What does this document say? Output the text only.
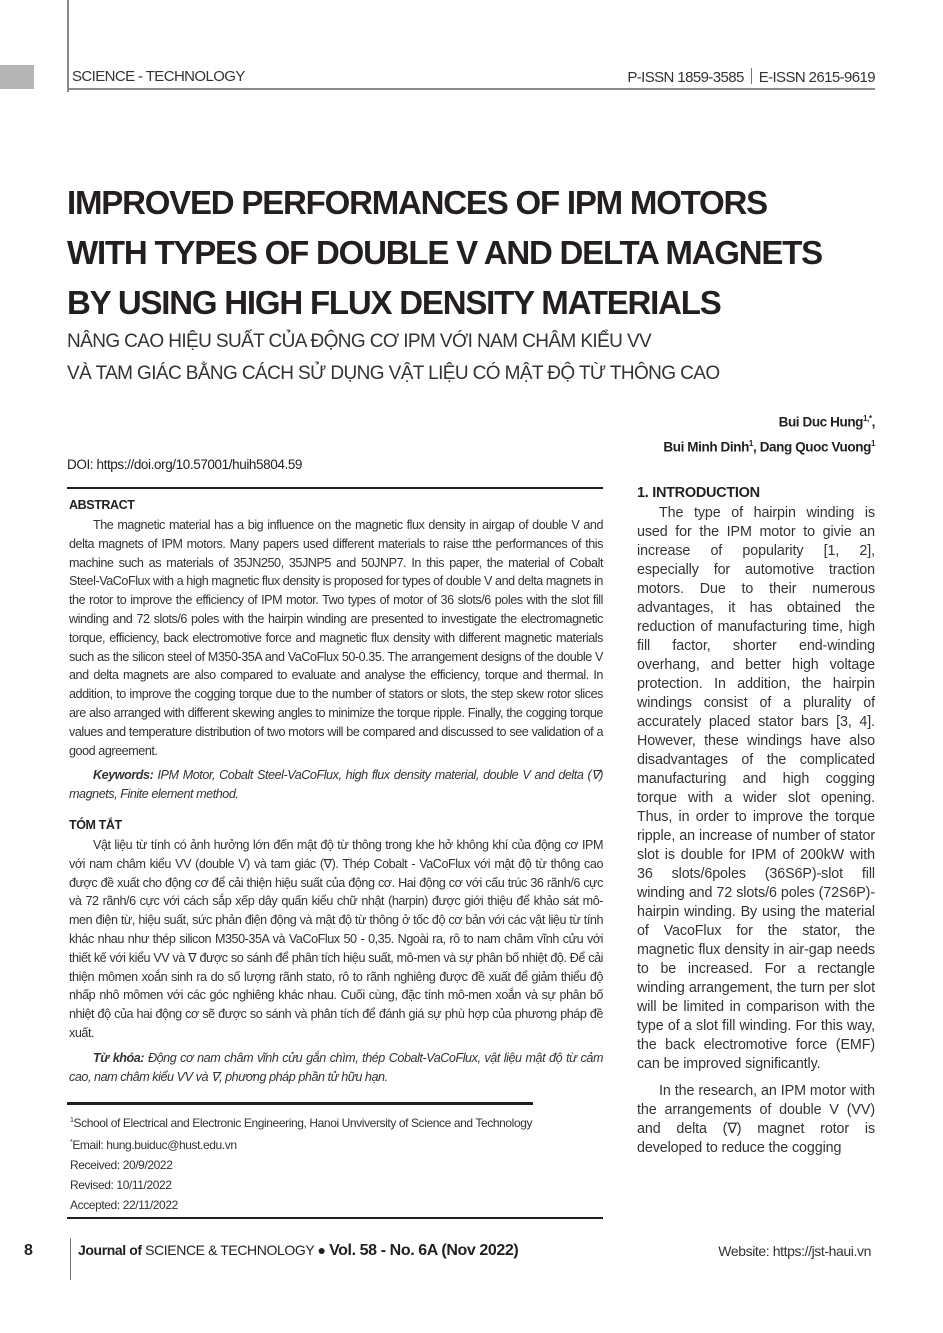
SCIENCE - TECHNOLOGY	P-ISSN 1859-3585 E-ISSN 2615-9619
IMPROVED PERFORMANCES OF IPM MOTORS
WITH TYPES OF DOUBLE V AND DELTA MAGNETS
BY USING HIGH FLUX DENSITY MATERIALS
NÂNG CAO HIỆU SUẤT CỦA ĐỘNG CƠ IPM VỚI NAM CHÂM KIỂU VV
VÀ TAM GIÁC BẰNG CÁCH SỬ DỤNG VẬT LIỆU CÓ MẬT ĐỘ TỪ THÔNG CAO
Bui Duc Hung$^{1,*}$,
Bui Minh Dinh$^1$, Dang Quoc Vuong$^1$
DOI: https://doi.org/10.57001/huih5804.59
ABSTRACT

The magnetic material has a big influence on the magnetic flux density in airgap of double V and delta magnets of IPM motors. Many papers used different materials to raise tthe performances of this machine such as materials of 35JN250, 35JNP5 and 50JNP7. In this paper, the material of Cobalt Steel-VaCoFlux with a high magnetic flux density is proposed for types of double V and delta magnets in the rotor to improve the efficiency of IPM motor. Two types of motor of 36 slots/6 poles with the slot fill winding and 72 slots/6 poles with the hairpin winding are presented to investigate the electromagnetic torque, efficiency, back electromotive force and magnetic flux density with different magnetic materials such as the silicon steel of M350-35A and VaCoFlux 50-0.35. The arrangement designs of the double V and delta magnets are also compared to evaluate and analyse the efficiency, torque and thermal. In addition, to improve the cogging torque due to the number of stators or slots, the step skew rotor slices are also arranged with different skewing angles to minimize the torque ripple. Finally, the cogging torque values and temperature distribution of two motors will be compared and discussed to see validation of a good agreement.

Keywords: IPM Motor, Cobalt Steel-VaCoFlux, high flux density material, double V and delta (∇) magnets, Finite element method.

TÓM TẮT

Vật liệu từ tính có ảnh hưởng lớn đến mật độ từ thông trong khe hở không khí của động cơ IPM với nam châm kiểu VV (double V) và tam giác (∇). Thép Cobalt - VaCoFlux với mật độ từ thông cao được đề xuất cho động cơ để cải thiện hiệu suất của động cơ. Hai động cơ với cấu trúc 36 rãnh/6 cực và 72 rãnh/6 cực với cách sắp xếp dây quấn kiểu chữ nhật (harpin) được giới thiệu để khảo sát mô-men điện từ, hiệu suất, sức phản điện động và mật độ từ thông ở tốc độ cơ bản với các vật liệu từ tính khác nhau như thép silicon M350-35A và VaCoFlux 50 - 0,35. Ngoài ra, rô to nam châm vĩnh cửu với thiết kế với kiểu VV và ∇ được so sánh để phân tích hiệu suất, mô-men và sự phân bố nhiệt độ. Để cải thiện mômen xoắn sinh ra do số lượng rãnh stato, rô to rãnh nghiêng được đề xuất để giảm thiểu độ nhấp nhô mômen với các góc nghiêng khác nhau. Cuối cùng, đặc tính mô-men xoắn và sự phân bố nhiệt độ của hai động cơ sẽ được so sánh và phân tích để đánh giá sự phù hợp của phương pháp đề xuất.

Từ khóa: Động cơ nam châm vĩnh cửu gắn chìm, thép Cobalt-VaCoFlux, vật liệu mật độ từ cảm cao, nam châm kiểu VV và ∇, phương pháp phần tử hữu hạn.

$^1$School of Electrical and Electronic Engineering, Hanoi Unviversity of Science and Technology
*Email: hung.buiduc@hust.edu.vn
Received: 20/9/2022
Revised: 10/11/2022
Accepted: 22/11/2022
1. INTRODUCTION

The type of hairpin winding is used for the IPM motor to givie an increase of popularity [1, 2], especially for automotive traction motors. Due to their numerous advantages, it has obtained the reduction of manufacturing time, high fill factor, shorter end-winding overhang, and better high voltage protection. In addition, the hairpin windings consist of a plurality of accurately placed stator bars [3, 4]. However, these windings have also disadvantages of the complicated manufacturing and high cogging torque with a wider slot opening. Thus, in order to improve the torque ripple, an increase of number of stator slot is double for IPM of 200kW with 36 slots/6poles (36S6P)-slot fill winding and 72 slots/6 poles (72S6P)-hairpin winding. By using the material of VacoFlux for the stator, the magnetic flux density in air-gap needs to be increased. For a rectangle winding arrangement, the turn per slot will be limited in comparison with the type of a slot fill winding. For this way, the back electromotive force (EMF) can be improved significantly.

In the research, an IPM motor with the arrangements of double V (VV) and delta (∇) magnet rotor is developed to reduce the cogging

8	Journal of SCIENCE & TECHNOLOGY ● Vol. 58 - No. 6A (Nov 2022)	Website: https://jst-haui.vn
